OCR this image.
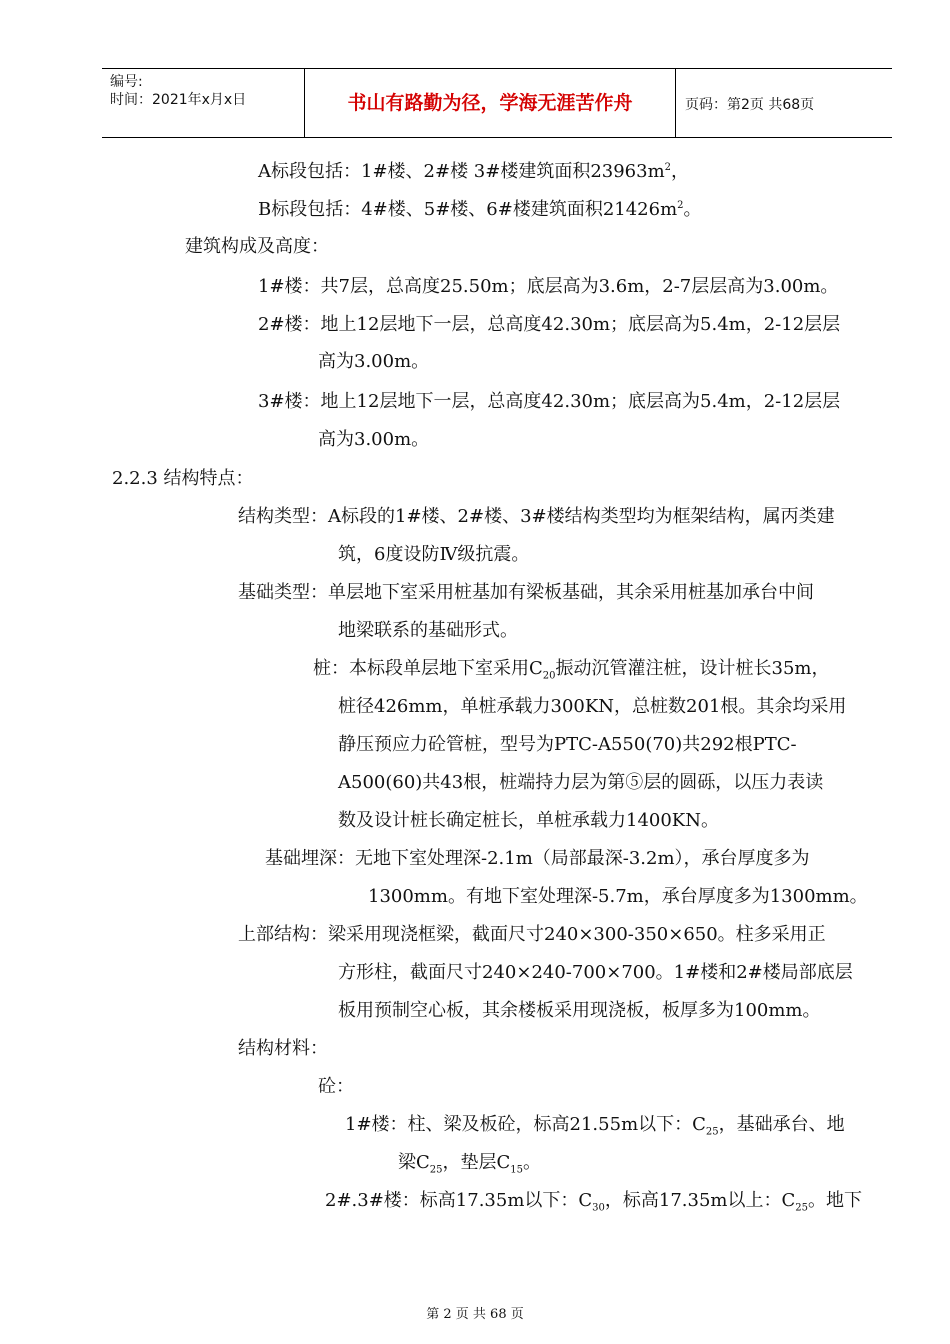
编号:
时间：2021年x月x日	书山有路勤为径，学海无涯苦作舟	页码：第2页 共68页
A标段包括：1#楼、2#楼 3#楼建筑面积$23963m^2$，
B标段包括：4#楼、5#楼、6#楼建筑面积$21426m^2$。
建筑构成及高度：
1#楼：共7层，总高度25.50m；底层高为3.6m，2-7层层高为3.00m。
2#楼：地上12层地下一层，总高度42.30m；底层高为5.4m，2-12层层
高为3.00m。
3#楼：地上12层地下一层，总高度42.30m；底层高为5.4m，2-12层层
高为3.00m。
2.2.3 结构特点：
结构类型：A标段的1#楼、2#楼、3#楼结构类型均为框架结构，属丙类建
筑，6度设防Ⅳ级抗震。
基础类型：单层地下室采用桩基加有梁板基础，其余采用桩基加承台中间
地梁联系的基础形式。
桩：本标段单层地下室采用$C_{20}$振动沉管灌注桩，设计桩长35m，
桩径426mm，单桩承载力300KN，总桩数201根。其余均采用
静压预应力砼管桩，型号为PTC-A550(70)共292根PTC-
A500(60)共43根，桩端持力层为第⑤层的圆砾，以压力表读
数及设计桩长确定桩长，单桩承载力1400KN。
基础埋深：无地下室处理深-2.1m（局部最深-3.2m），承台厚度多为
1300mm。有地下室处理深-5.7m，承台厚度多为1300mm。
上部结构：梁采用现浇框梁，截面尺寸240×300-350×650。柱多采用正
方形柱，截面尺寸240×240-700×700。1#楼和2#楼局部底层
板用预制空心板，其余楼板采用现浇板，板厚多为100mm。
结构材料：
砼：
1#楼：柱、梁及板砼，标高21.55m以下：$C_{25}$，基础承台、地
梁$C_{25}$，垫层$C_{15}$。
2#.3#楼：标高17.35m以下：$C_{30}$，标高17.35m以上：$C_{25}$。地下
第 2 页 共 68 页
